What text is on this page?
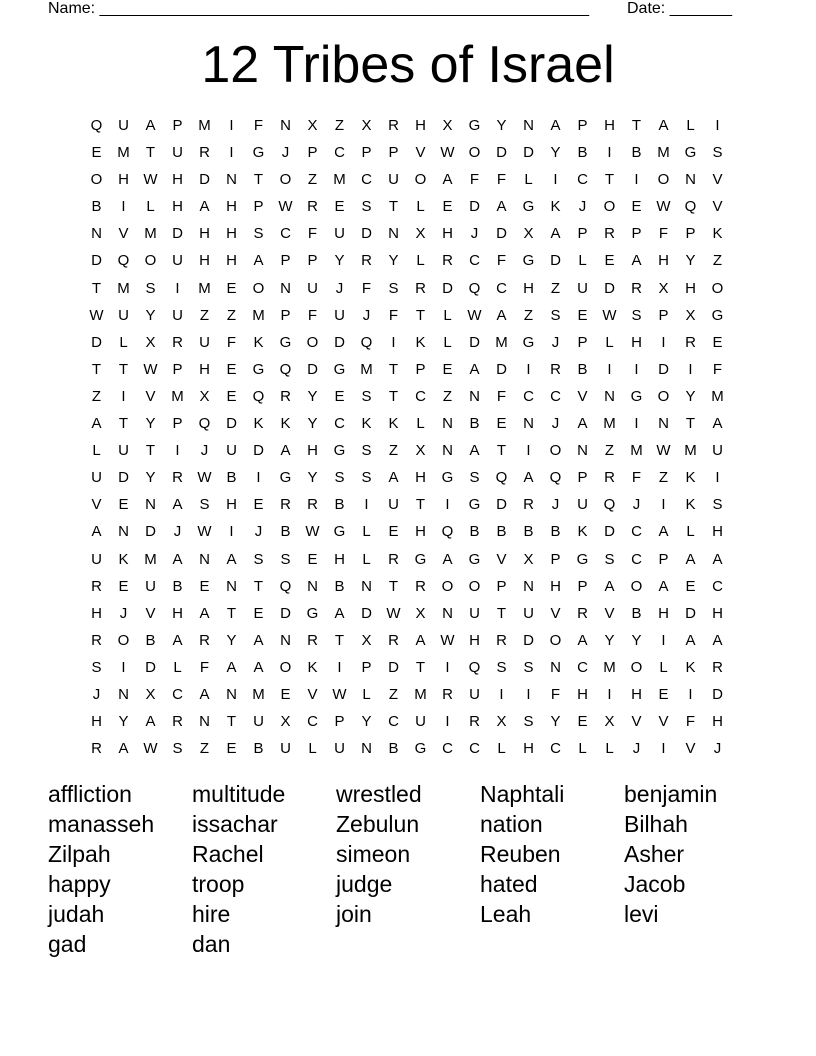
Name: _______________________________________________________ Date: _______
12 Tribes of Israel
Q	U	A	P	M	I	F	N	X	Z	X	R	H	X	G	Y	N	A	P	H	T	A	L	I
E	M	T	U	R	I	G	J	P	C	P	P	V W O	D	D	Y	B	I	B	M G	S
O	H W H	D	N	T	O	Z	M	C	U	O	A	F	F	L	I	C	T	I	O	N	V
B	I	L	H	A	H	P W R	E	S	T	L	E	D	A	G	K	J	O	E W Q	V
N	V	M	D	H	H	S	C	F	U	D	N	X	H	J	D	X	A	P	R	P	F	P	K
D	Q	O	U	H	H	A	P	P	Y	R	Y	L	R	C	F	G	D	L	E	A	H	Y	Z
T	M	S	I	M	E	O	N	U	J	F	S	R	D	Q	C	H	Z	U	D	R	X	H	O
W U	Y	U	Z	Z	M	P	F	U	J	F	T	L	W A	Z	S	E W S	P	X	G
D	L	X	R	U	F	K	G	O	D	Q	I	K	L	D	M G	J	P	L	H	I	R	E
T	T	W P	H	E	G	Q	D	G M	T	P	E	A	D	I	R	B	I	I	D	I	F
Z	I	V	M	X	E	Q	R	Y	E	S	T	C	Z	N	F	C	C	V	N	G	O	Y	M
A	T	Y	P	Q	D	K	K	Y	C	K	K	L	N	B	E	N	J	A	M	I	N	T	A
L	U	T	I	J	U	D	A	H	G	S	Z	X	N	A	T	I	O	N	Z	M W M	U
U	D	Y	R W B	I	G	Y	S	S	A	H	G	S	Q	A	Q	P	R	F	Z	K	I
V	E	N	A	S	H	E	R	R	B	I	U	T	I	G	D	R	J	U	Q	J	I	K	S
A	N	D	J	W	I	J	B W G	L	E	H	Q	B	B	B	B	K	D	C	A	L	H
U	K	M	A	N	A	S	S	E	H	L	R	G	A	G	V	X	P	G	S	C	P	A	A
R	E	U	B	E	N	T	Q	N	B	N	T	R	O	O	P	N	H	P	A	O	A	E	C
H	J	V	H	A	T	E	D	G	A	D W X	N	U	T	U	V	R	V	B	H	D	H
R	O	B	A	R	Y	A	N	R	T	X	R	A W H	R	D	O	A	Y	Y	I	A	A
S	I	D	L	F	A	A	O	K	I	P	D	T	I	Q	S	S	N	C	M O	L	K	R
J	N	X	C	A	N	M	E	V W	L	Z	M	R	U	I	I	F	H	I	H	E	I	D
H	Y	A	R	N	T	U	X	C	P	Y	C	U	I	R	X	S	Y	E	X	V	V	F	H
R	A W S	Z	E	B	U	L	U	N	B	G	C	C	L	H	C	L	L	J	I	V	J
affliction	multitude	wrestled	Naphtali	benjamin
manasseh	issachar	Zebulun	nation	Bilhah
Zilpah	Rachel	simeon	Reuben	Asher
happy	troop	judge	hated	Jacob
judah	hire	join	Leah	levi
gad	dan
